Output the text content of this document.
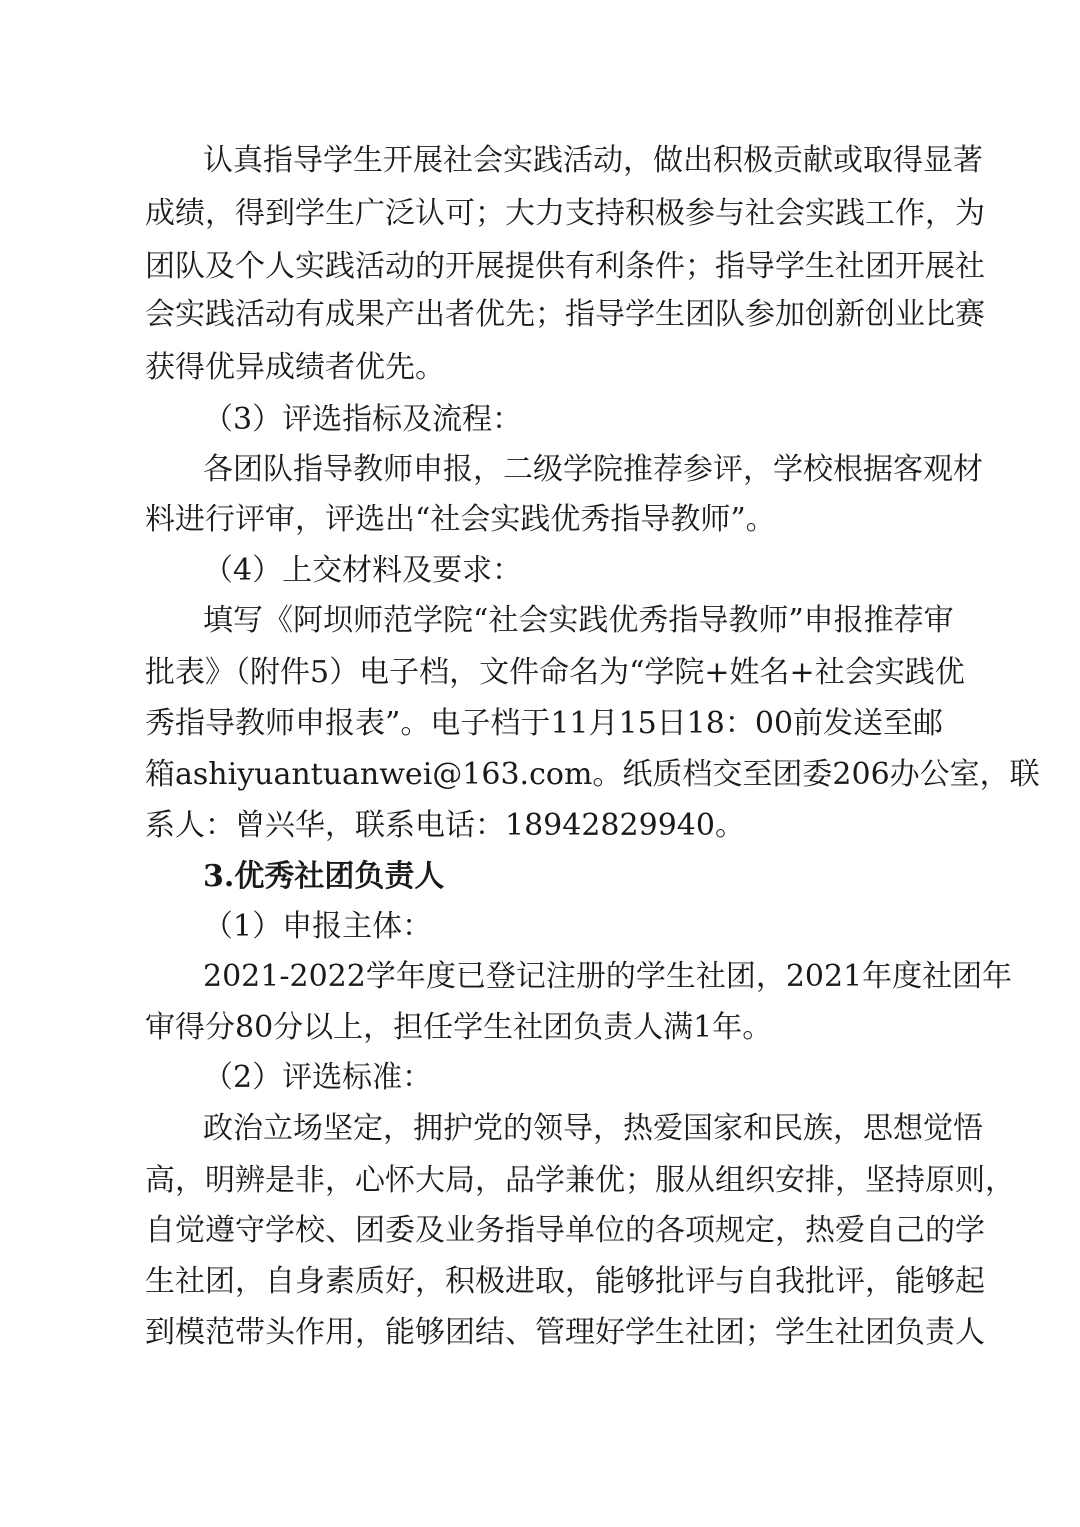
认真指导学生开展社会实践活动，做出积极贡献或取得显著
成绩，得到学生广泛认可；大力支持积极参与社会实践工作，为
团队及个人实践活动的开展提供有利条件；指导学生社团开展社
会实践活动有成果产出者优先；指导学生团队参加创新创业比赛
获得优异成绩者优先。
（3）评选指标及流程：
各团队指导教师申报，二级学院推荐参评，学校根据客观材
料进行评审，评选出“社会实践优秀指导教师”。
（4）上交材料及要求：
填写《阿坝师范学院“社会实践优秀指导教师”申报推荐审
批表》（附件5）电子档，文件命名为“学院+姓名+社会实践优
秀指导教师申报表”。电子档于11月15日18：00前发送至邮
箱ashiyuantuanwei@163.com。纸质档交至团委206办公室，联
系人：曾兴华，联系电话：18942829940。
3.优秀社团负责人
（1）申报主体：
2021-2022学年度已登记注册的学生社团，2021年度社团年
审得分80分以上，担任学生社团负责人满1年。
（2）评选标准：
政治立场坚定，拥护党的领导，热爱国家和民族，思想觉悟
高，明辨是非，心怀大局，品学兼优；服从组织安排，坚持原则，
自觉遵守学校、团委及业务指导单位的各项规定，热爱自己的学
生社团，自身素质好，积极进取，能够批评与自我批评，能够起
到模范带头作用，能够团结、管理好学生社团；学生社团负责人
